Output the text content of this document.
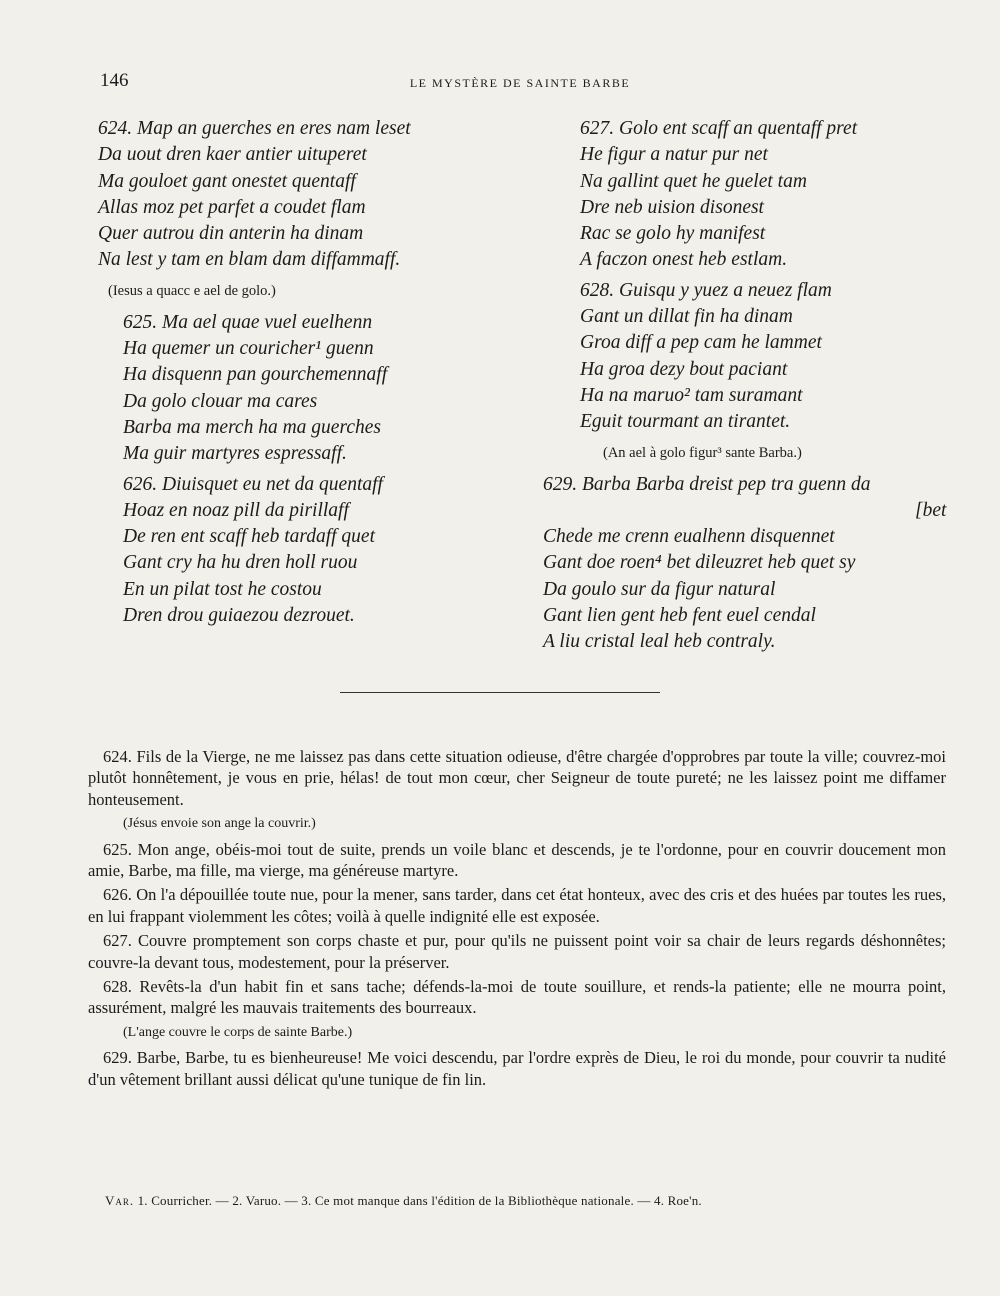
146	LE MYSTÈRE DE SAINTE BARBE
624. Map an guerches en eres nam leset
Da uout dren kaer antier uituperet
Ma gouloet gant onestet quentaff
Allas moz pet parfet a coudet flam
Quer autrou din anterin ha dinam
Na lest y tam en blam dam diffammaff.
(Iesus a quacc e ael de golo.)
625. Ma ael quae vuel euelhenn
Ha quemer un couricher¹ guenn
Ha disquenn pan gourchemennaff
Da golo clouar ma cares
Barba ma merch ha ma guerches
Ma guir martyres espressaff.
626. Diuisquet eu net da quentaff
Hoaz en noaz pill da pirillaff
De ren ent scaff heb tardaff quet
Gant cry ha hu dren holl ruou
En un pilat tost he costou
Dren drou guiaezou dezrouet.
627. Golo ent scaff an quentaff pret
He figur a natur pur net
Na gallint quet he guelet tam
Dre neb uision disonest
Rac se golo hy manifest
A faczon onest heb estlam.
628. Guisqu y yuez a neuez flam
Gant un dillat fin ha dinam
Groa diff a pep cam he lammet
Ha groa dezy bout paciant
Ha na maruo² tam suramant
Eguit tourmant an tirantet.
(An ael à golo figur³ sante Barba.)
629. Barba Barba dreist pep tra guenn da
[bet
Chede me crenn eualhenn disquennet
Gant doe roen⁴ bet dileuzret heb quet sy
Da goulo sur da figur natural
Gant lien gent heb fent euel cendal
A liu cristal leal heb contraly.

624. Fils de la Vierge, ne me laissez pas dans cette situation odieuse, d'être chargée d'opprobres par toute la ville; couvrez-moi plutôt honnêtement, je vous en prie, hélas! de tout mon cœur, cher Seigneur de toute pureté; ne les laissez point me diffamer honteusement.

(Jésus envoie son ange la couvrir.)

625. Mon ange, obéis-moi tout de suite, prends un voile blanc et descends, je te l'ordonne, pour en couvrir doucement mon amie, Barbe, ma fille, ma vierge, ma généreuse martyre.

626. On l'a dépouillée toute nue, pour la mener, sans tarder, dans cet état honteux, avec des cris et des huées par toutes les rues, en lui frappant violemment les côtes; voilà à quelle indignité elle est exposée.

627. Couvre promptement son corps chaste et pur, pour qu'ils ne puissent point voir sa chair de leurs regards déshonnêtes; couvre-la devant tous, modestement, pour la préserver.

628. Revêts-la d'un habit fin et sans tache; défends-la-moi de toute souillure, et rends-la patiente; elle ne mourra point, assurément, malgré les mauvais traitements des bourreaux.

(L'ange couvre le corps de sainte Barbe.)

629. Barbe, Barbe, tu es bienheureuse! Me voici descendu, par l'ordre exprès de Dieu, le roi du monde, pour couvrir ta nudité d'un vêtement brillant aussi délicat qu'une tunique de fin lin.

Var. 1. Courricher. — 2. Varuo. — 3. Ce mot manque dans l'édition de la Bibliothèque nationale. — 4. Roe'n.
